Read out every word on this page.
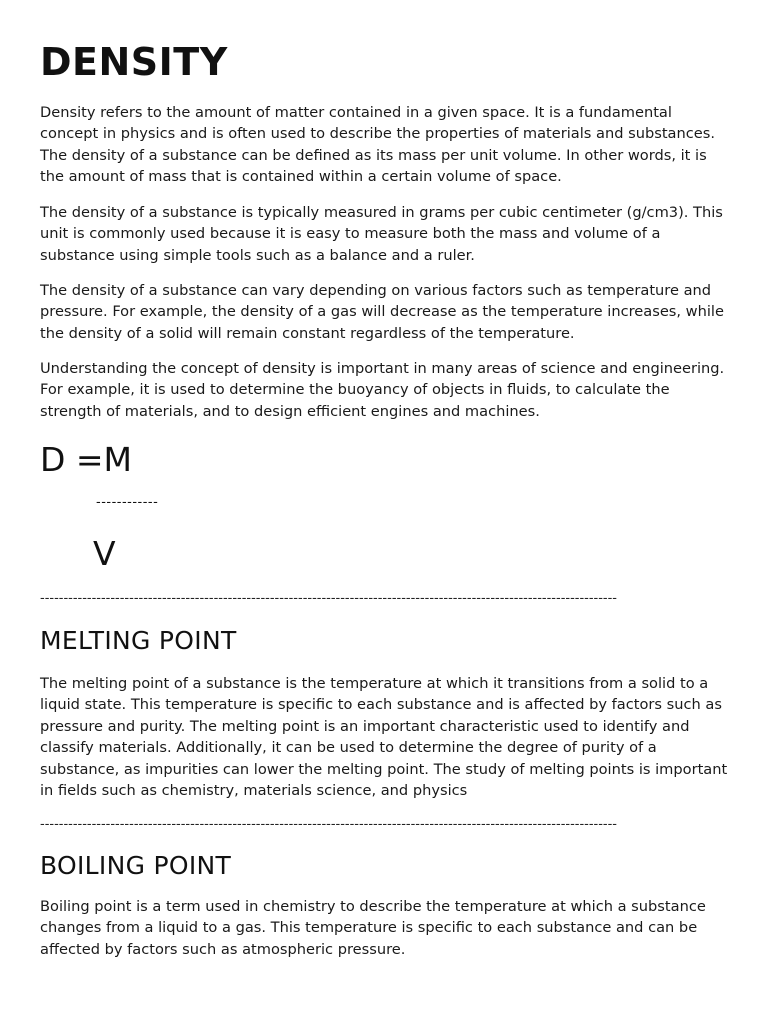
DENSITY

Density refers to the amount of matter contained in a given space. It is a fundamental concept in physics and is often used to describe the properties of materials and substances. The density of a substance can be defined as its mass per unit volume. In other words, it is the amount of mass that is contained within a certain volume of space.

The density of a substance is typically measured in grams per cubic centimeter (g/cm3). This unit is commonly used because it is easy to measure both the mass and volume of a substance using simple tools such as a balance and a ruler.

The density of a substance can vary depending on various factors such as temperature and pressure. For example, the density of a gas will decrease as the temperature increases, while the density of a solid will remain constant regardless of the temperature.

Understanding the concept of density is important in many areas of science and engineering. For example, it is used to determine the buoyancy of objects in fluids, to calculate the strength of materials, and to design efficient engines and machines.

D =M
------------
V
---------------------------------------------------------------------------------------------------------------------------
MELTING POINT

The melting point of a substance is the temperature at which it transitions from a solid to a liquid state. This temperature is specific to each substance and is affected by factors such as pressure and purity. The melting point is an important characteristic used to identify and classify materials. Additionally, it can be used to determine the degree of purity of a substance, as impurities can lower the melting point. The study of melting points is important in fields such as chemistry, materials science, and physics

---------------------------------------------------------------------------------------------------------------------------
BOILING POINT

Boiling point is a term used in chemistry to describe the temperature at which a substance changes from a liquid to a gas. This temperature is specific to each substance and can be affected by factors such as atmospheric pressure.
